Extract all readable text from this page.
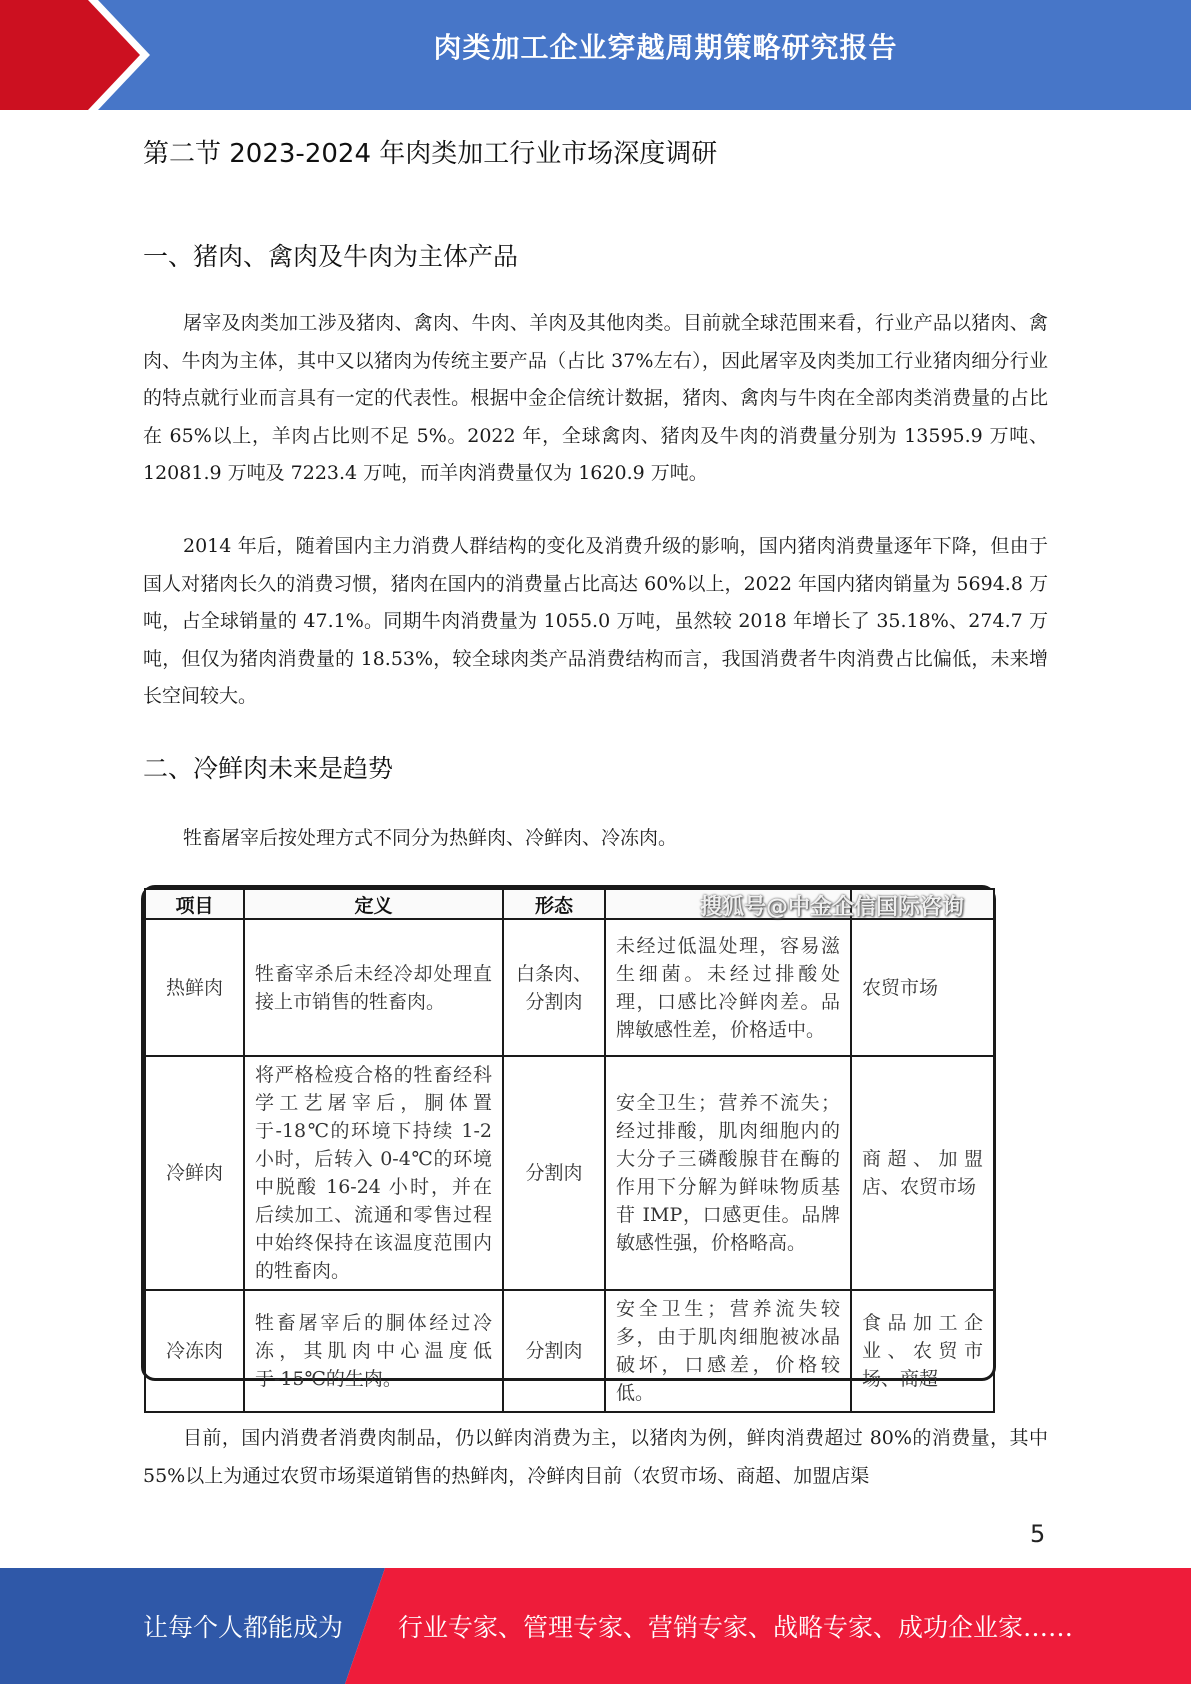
肉类加工企业穿越周期策略研究报告
第二节 2023-2024 年肉类加工行业市场深度调研
一、猪肉、禽肉及牛肉为主体产品
屠宰及肉类加工涉及猪肉、禽肉、牛肉、羊肉及其他肉类。目前就全球范围来看，行业产品以猪肉、禽肉、牛肉为主体，其中又以猪肉为传统主要产品（占比 37%左右），因此屠宰及肉类加工行业猪肉细分行业的特点就行业而言具有一定的代表性。根据中金企信统计数据，猪肉、禽肉与牛肉在全部肉类消费量的占比在 65%以上，羊肉占比则不足 5%。2022 年，全球禽肉、猪肉及牛肉的消费量分别为 13595.9 万吨、12081.9 万吨及 7223.4 万吨，而羊肉消费量仅为 1620.9 万吨。
2014 年后，随着国内主力消费人群结构的变化及消费升级的影响，国内猪肉消费量逐年下降，但由于国人对猪肉长久的消费习惯，猪肉在国内的消费量占比高达 60%以上，2022 年国内猪肉销量为 5694.8 万吨，占全球销量的 47.1%。同期牛肉消费量为 1055.0 万吨，虽然较 2018 年增长了 35.18%、274.7 万吨，但仅为猪肉消费量的 18.53%，较全球肉类产品消费结构而言，我国消费者牛肉消费占比偏低，未来增长空间较大。
二、冷鲜肉未来是趋势
牲畜屠宰后按处理方式不同分为热鲜肉、冷鲜肉、冷冻肉。
项目	定义	形态		
热鲜肉	牲畜宰杀后未经冷却处理直接上市销售的牲畜肉。	白条肉、分割肉	未经过低温处理，容易滋生细菌。未经过排酸处理，口感比冷鲜肉差。品牌敏感性差，价格适中。	农贸市场
冷鲜肉	将严格检疫合格的牲畜经科学工艺屠宰后，胴体置于-18℃的环境下持续 1-2 小时，后转入 0-4℃的环境中脱酸 16-24 小时，并在后续加工、流通和零售过程中始终保持在该温度范围内的牲畜肉。	分割肉	安全卫生；营养不流失；经过排酸，肌肉细胞内的大分子三磷酸腺苷在酶的作用下分解为鲜味物质基苷 IMP，口感更佳。品牌敏感性强，价格略高。	商超、加盟店、农贸市场
冷冻肉	牲畜屠宰后的胴体经过冷冻，其肌肉中心温度低于-15℃的生肉。	分割肉	安全卫生；营养流失较多，由于肌肉细胞被冰晶破坏，口感差，价格较低。	食品加工企业、农贸市场、商超
搜狐号@中金企信国际咨询
目前，国内消费者消费肉制品，仍以鲜肉消费为主，以猪肉为例，鲜肉消费超过 80%的消费量，其中 55%以上为通过农贸市场渠道销售的热鲜肉，冷鲜肉目前（农贸市场、商超、加盟店渠
5
让每个人都能成为 行业专家、管理专家、营销专家、战略专家、成功企业家……
